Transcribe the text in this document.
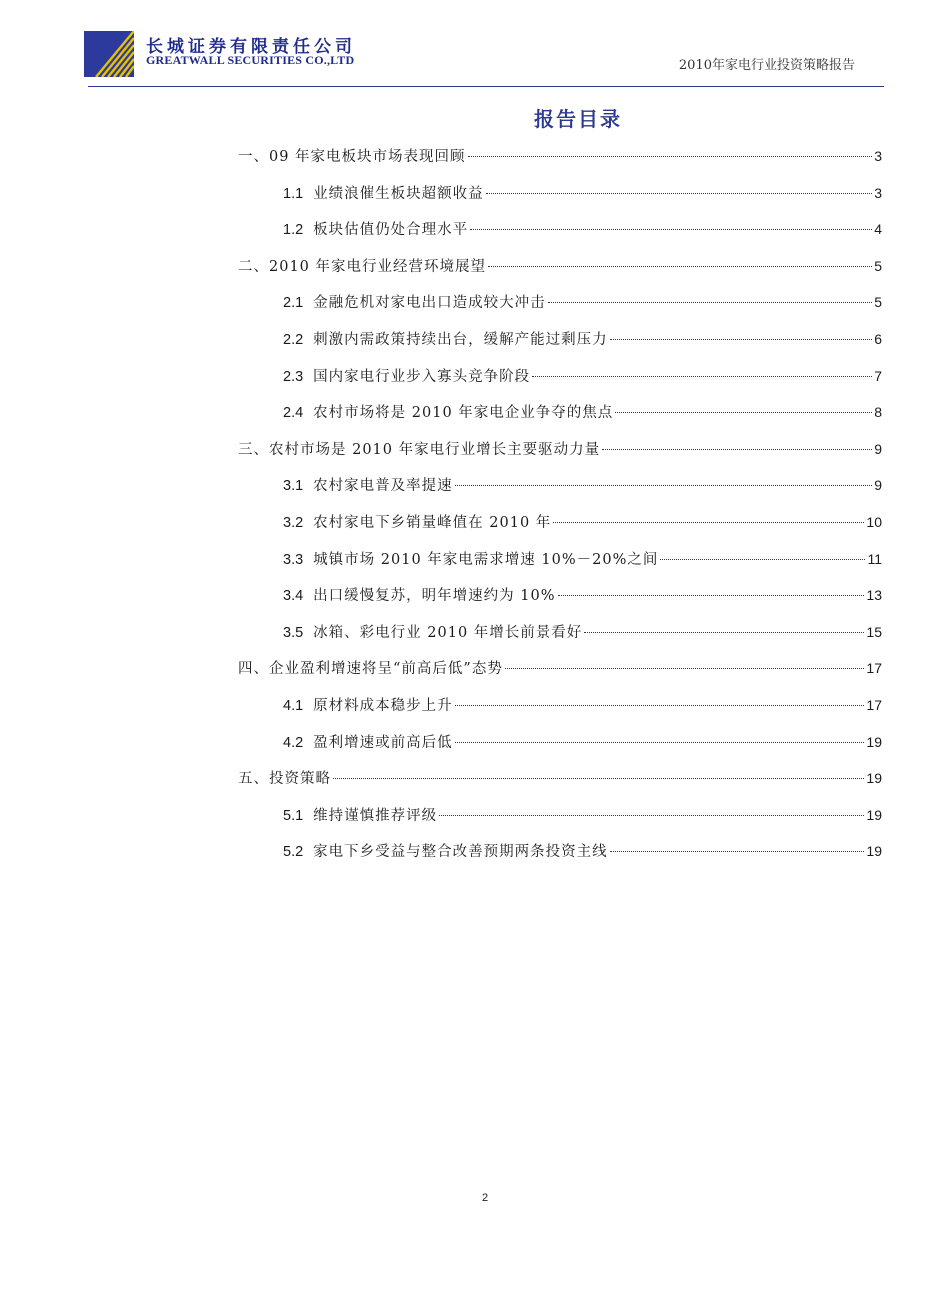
长城证券有限责任公司
GREATWALL SECURITIES CO.,LTD	2010年家电行业投资策略报告
报告目录
一、09 年家电板块市场表现回顾	3
1.1 业绩浪催生板块超额收益	3
1.2 板块估值仍处合理水平	4
二、2010 年家电行业经营环境展望	5
2.1 金融危机对家电出口造成较大冲击	5
2.2 刺激内需政策持续出台，缓解产能过剩压力	6
2.3 国内家电行业步入寡头竞争阶段	7
2.4 农村市场将是 2010 年家电企业争夺的焦点	8
三、农村市场是 2010 年家电行业增长主要驱动力量	9
3.1 农村家电普及率提速	9
3.2 农村家电下乡销量峰值在 2010 年	10
3.3 城镇市场 2010 年家电需求增速 10%－20%之间	11
3.4 出口缓慢复苏，明年增速约为 10%	13
3.5 冰箱、彩电行业 2010 年增长前景看好	15
四、企业盈利增速将呈“前高后低”态势	17
4.1 原材料成本稳步上升	17
4.2 盈利增速或前高后低	19
五、投资策略	19
5.1 维持谨慎推荐评级	19
5.2 家电下乡受益与整合改善预期两条投资主线	19
2
